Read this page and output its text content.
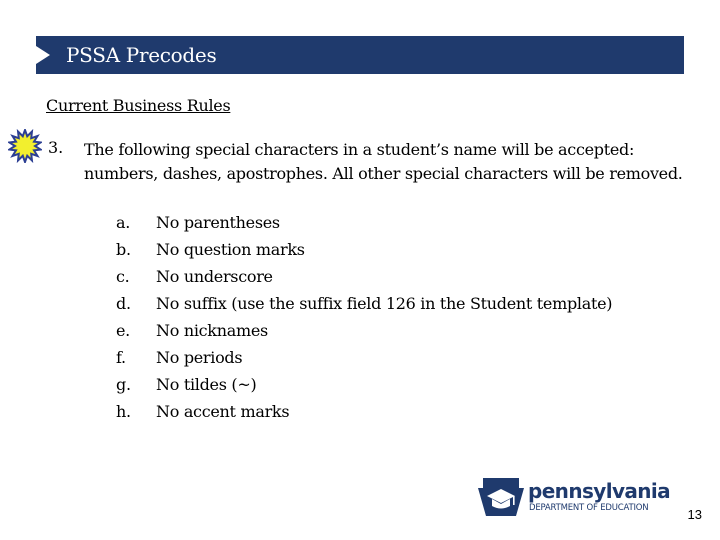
PSSA Precodes
Current Business Rules
3. The following special characters in a student’s name will be accepted: numbers, dashes, apostrophes. All other special characters will be removed.
a.	No parentheses
b.	No question marks
c.	No underscore
d.	No suffix (use the suffix field 126 in the Student template)
e.	No nicknames
f.	No periods
g.	No tildes (~)
h.	No accent marks
pennsylvania
DEPARTMENT OF EDUCATION	13
